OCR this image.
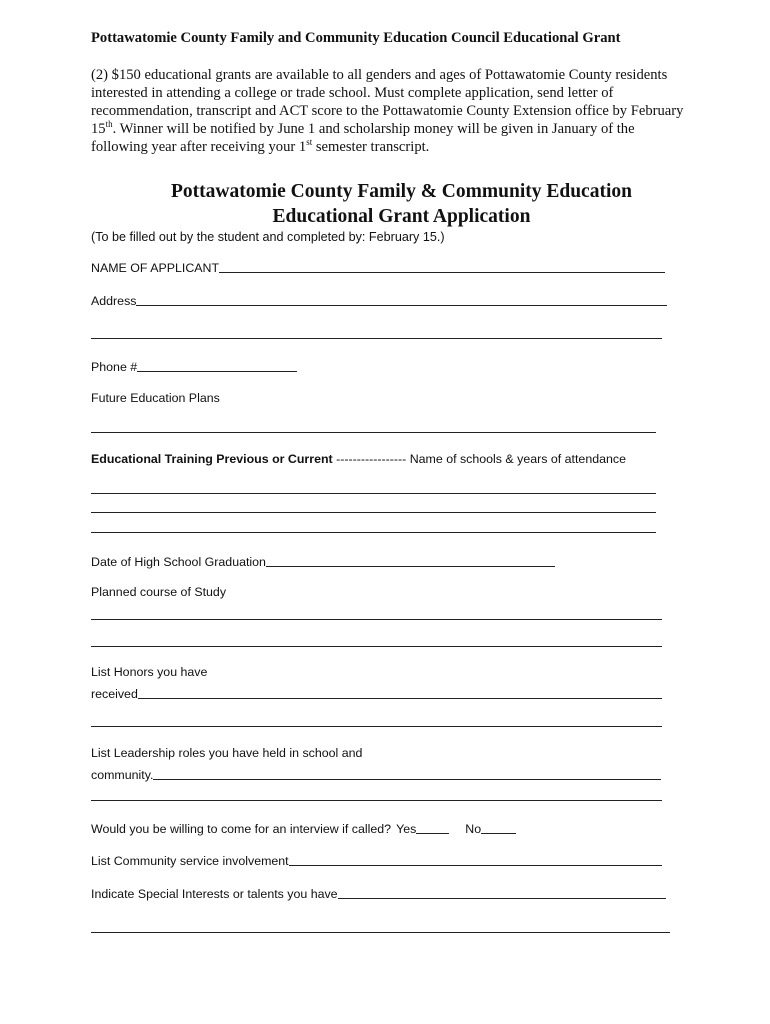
Pottawatomie County Family and Community Education Council Educational Grant
(2) $150 educational grants are available to all genders and ages of Pottawatomie County residents
interested in attending a college or trade school. Must complete application, send letter of
recommendation, transcript and ACT score to the Pottawatomie County Extension office by February
15th. Winner will be notified by June 1 and scholarship money will be given in January of the
following year after receiving your 1st semester transcript.
Pottawatomie County Family & Community Education
Educational Grant Application
(To be filled out by the student and completed by: February 15.)
NAME OF APPLICANT
Address
Phone #
Future Education Plans
Educational Training Previous or Current ----------------- Name of schools & years of attendance
Date of High School Graduation
Planned course of Study
List Honors you have
received
List Leadership roles you have held in school and
community.
Would you be willing to come for an interview if called? Yes	No
List Community service involvement
Indicate Special Interests or talents you have
